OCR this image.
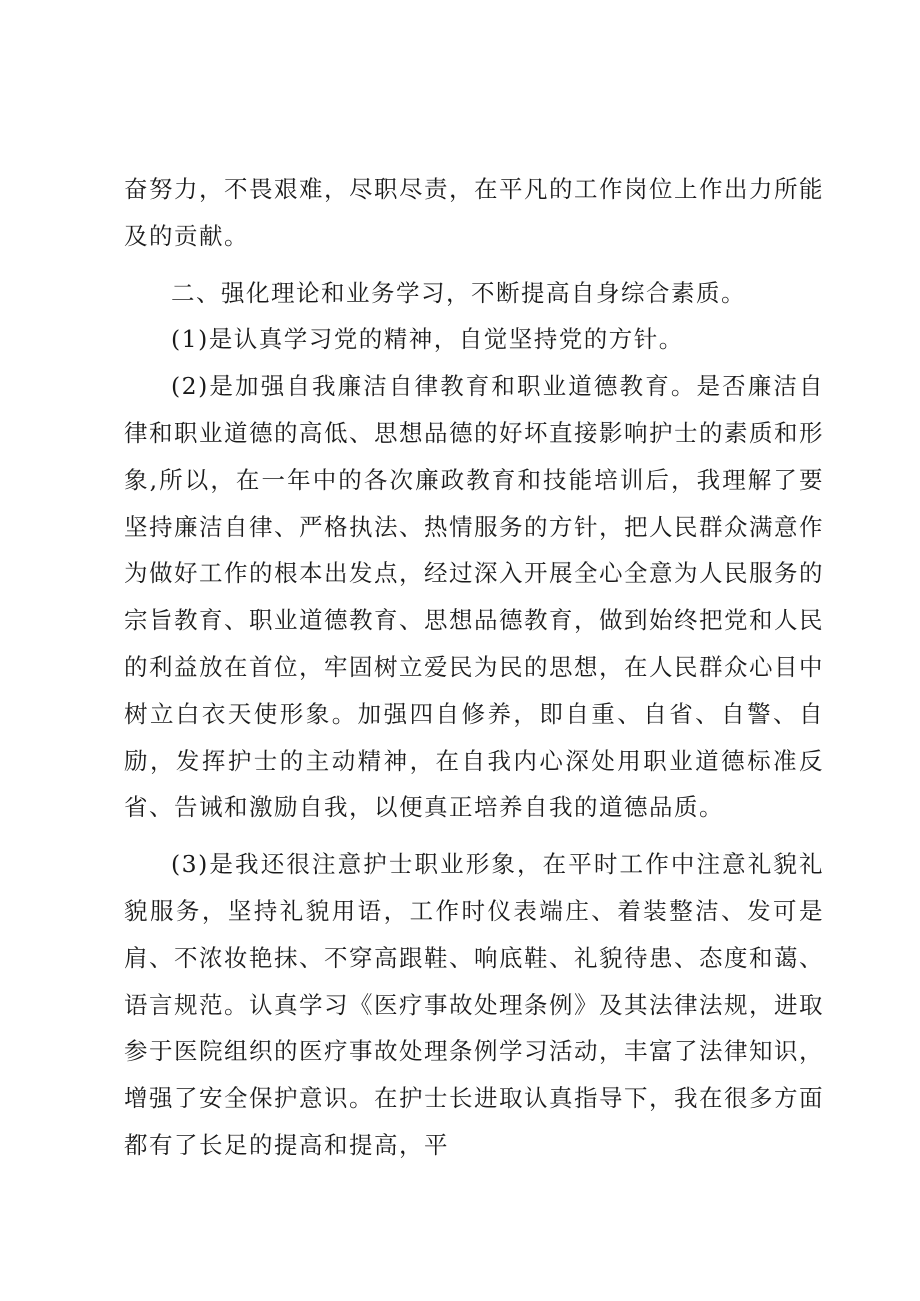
奋努力，不畏艰难，尽职尽责，在平凡的工作岗位上作出力所能及的贡献。

二、强化理论和业务学习，不断提高自身综合素质。

(1)是认真学习党的精神，自觉坚持党的方针。

(2)是加强自我廉洁自律教育和职业道德教育。是否廉洁自律和职业道德的高低、思想品德的好坏直接影响护士的素质和形象,所以，在一年中的各次廉政教育和技能培训后，我理解了要坚持廉洁自律、严格执法、热情服务的方针，把人民群众满意作为做好工作的根本出发点，经过深入开展全心全意为人民服务的宗旨教育、职业道德教育、思想品德教育，做到始终把党和人民的利益放在首位，牢固树立爱民为民的思想，在人民群众心目中树立白衣天使形象。加强四自修养，即自重、自省、自警、自励，发挥护士的主动精神，在自我内心深处用职业道德标准反省、告诫和激励自我，以便真正培养自我的道德品质。

(3)是我还很注意护士职业形象，在平时工作中注意礼貌礼貌服务，坚持礼貌用语，工作时仪表端庄、着装整洁、发可是肩、不浓妆艳抹、不穿高跟鞋、响底鞋、礼貌待患、态度和蔼、语言规范。认真学习《医疗事故处理条例》及其法律法规，进取参于医院组织的医疗事故处理条例学习活动，丰富了法律知识，增强了安全保护意识。在护士长进取认真指导下，我在很多方面都有了长足的提高和提高，平
